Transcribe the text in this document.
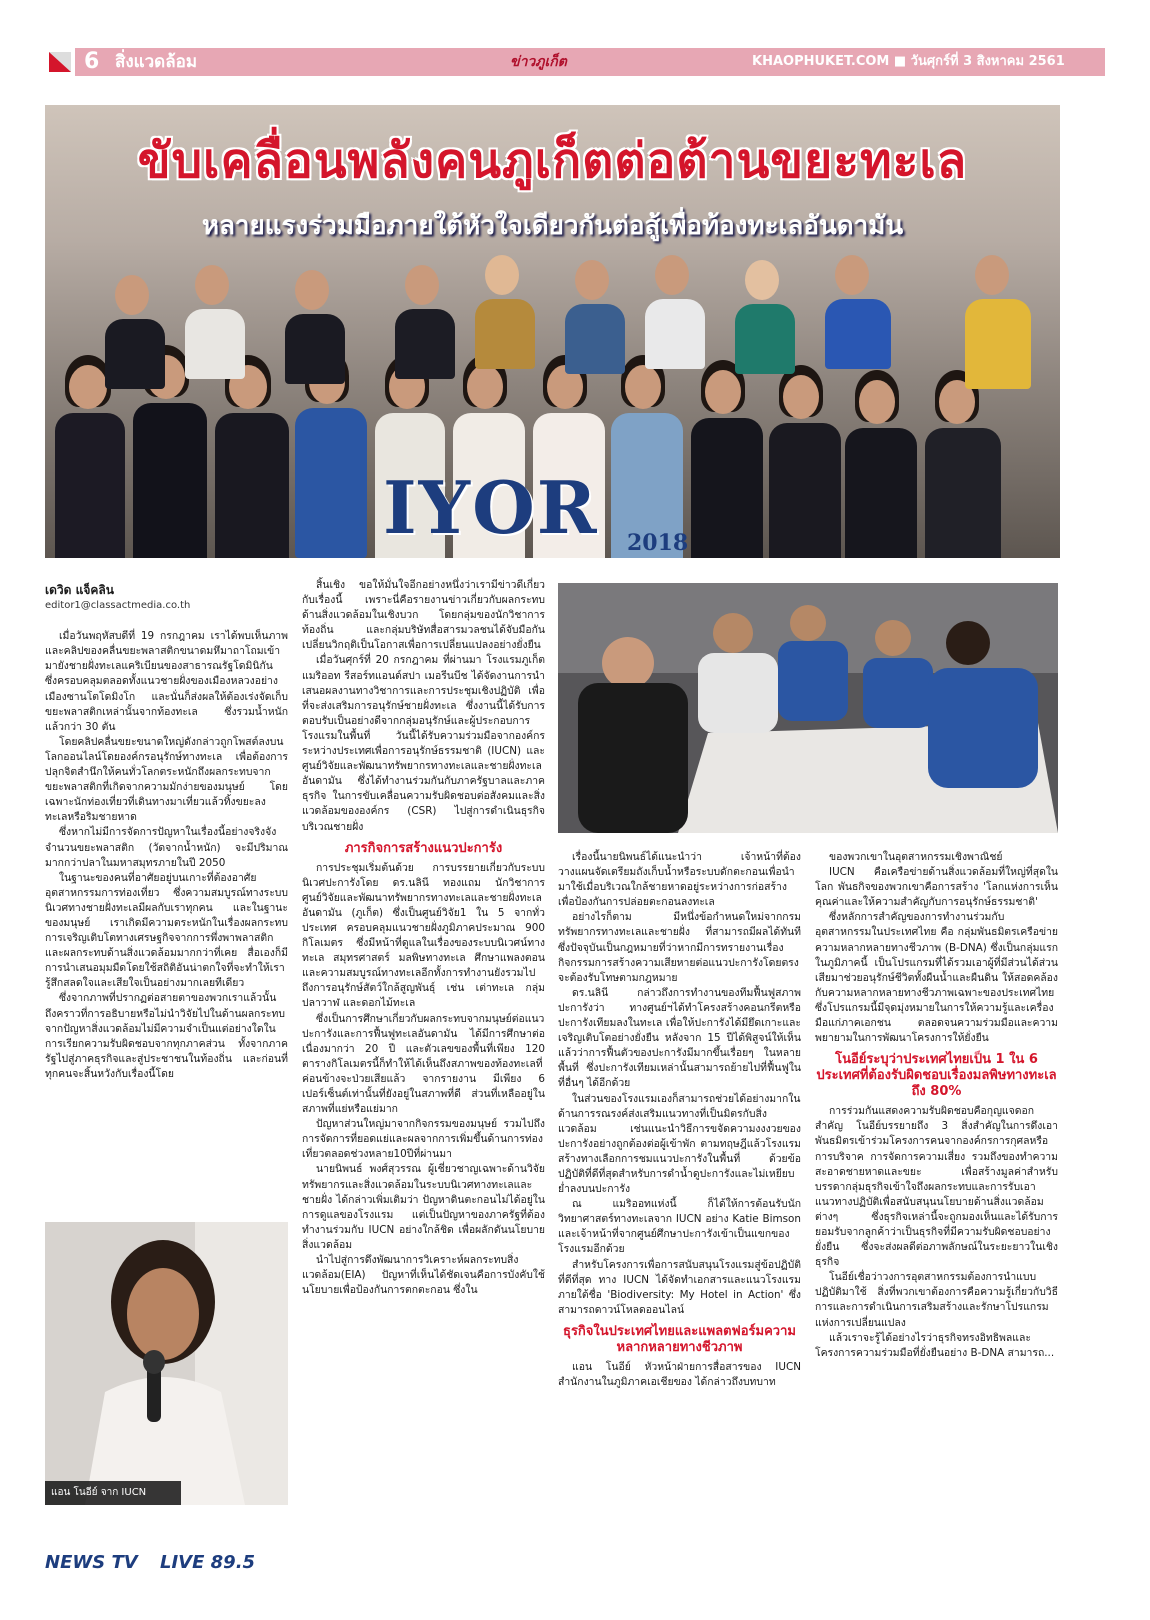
6 สิ่งแวดล้อม	ข่าวภูเก็ต	KHAOPHUKET.COM ■ วันศุกร์ที่ 3 สิงหาคม 2561
ขับเคลื่อนพลังคนภูเก็ตต่อต้านขยะทะเล
หลายแรงร่วมมือภายใต้หัวใจเดียวกันต่อสู้เพื่อท้องทะเลอันดามัน
IYOR 2018
เดวิด แจ็คลิน
editor1@classactmedia.co.th

เมื่อวันพฤหัสบดีที่ 19 กรกฎาคม เราได้พบเห็นภาพและคลิปของคลื่นขยะพลาสติกขนาดมหึมาถาโถมเข้ามายังชายฝั่งทะเลแคริเบียนของสาธารณรัฐโดมินิกัน ซึ่งครอบคลุมตลอดทั้งแนวชายฝั่งของเมืองหลวงอย่างเมืองซานโตโดมิงโก และนั่นก็ส่งผลให้ต้องเร่งจัดเก็บขยะพลาสติกเหล่านั้นจากท้องทะเล ซึ่งรวมน้ำหนักแล้วกว่า 30 ตัน

โดยคลิปคลื่นขยะขนาดใหญ่ดังกล่าวถูกโพสต์ลงบนโลกออนไลน์โดยองค์กรอนุรักษ์ทางทะเล เพื่อต้องการปลุกจิตสำนึกให้คนทั่วโลกตระหนักถึงผลกระทบจากขยะพลาสติกที่เกิดจากความมักง่ายของมนุษย์ โดยเฉพาะนักท่องเที่ยวที่เดินทางมาเที่ยวแล้วทิ้งขยะลงทะเลหรือริมชายหาด

ซึ่งหากไม่มีการจัดการปัญหาในเรื่องนี้อย่างจริงจัง จำนวนขยะพลาสติก (วัดจากน้ำหนัก) จะมีปริมาณมากกว่าปลาในมหาสมุทรภายในปี 2050

ในฐานะของคนที่อาศัยอยู่บนเกาะที่ต้องอาศัยอุตสาหกรรมการท่องเที่ยว ซึ่งความสมบูรณ์ทางระบบนิเวศทางชายฝั่งทะเลมีผลกับเราทุกคน และในฐานะของมนุษย์ เราเกิดมีความตระหนักในเรื่องผลกระทบการเจริญเติบโตทางเศรษฐกิจจากการพึ่งพาพลาสติกและผลกระทบด้านสิ่งแวดล้อมมากกว่าที่เคย สื่อเองก็มีการนำเสนอมุมมืดโดยใช้สถิติอันน่าตกใจที่จะทำให้เรารู้สึกสลดใจและเสียใจเป็นอย่างมากเลยทีเดียว

ซึ่งจากภาพที่ปรากฏต่อสายตาของพวกเราแล้วนั้น ถึงคราวที่การอธิบายหรือไม่นำวิจัยไปในด้านผลกระทบจากปัญหาสิ่งแวดล้อมไม่มีความจำเป็นแต่อย่างใดในการเรียกความรับผิดชอบจากทุกภาคส่วน ทั้งจากภาครัฐไปสู่ภาคธุรกิจและสู่ประชาชนในท้องถิ่น และก่อนที่ทุกคนจะสิ้นหวังกับเรื่องนี้โดย

แอน โนอีย์ จาก IUCN

สิ้นเชิง ขอให้มั่นใจอีกอย่างหนึ่งว่าเรามีข่าวดีเกี่ยวกับเรื่องนี้ เพราะนี่คือรายงานข่าวเกี่ยวกับผลกระทบด้านสิ่งแวดล้อมในเชิงบวก โดยกลุ่มของนักวิชาการท้องถิ่น และกลุ่มบริษัทสื่อสารมวลชนได้จับมือกันเปลี่ยนวิกฤติเป็นโอกาสเพื่อการเปลี่ยนแปลงอย่างยั่งยืน

เมื่อวันศุกร์ที่ 20 กรกฎาคม ที่ผ่านมา โรงแรมภูเก็ต แมริออท รีสอร์ทแอนด์สปา เมอรีนบีช ได้จัดงานการนำเสนอผลงานทางวิชาการและการประชุมเชิงปฏิบัติ เพื่อที่จะส่งเสริมการอนุรักษ์ชายฝั่งทะเล ซึ่งงานนี้ได้รับการตอบรับเป็นอย่างดีจากกลุ่มอนุรักษ์และผู้ประกอบการโรงแรมในพื้นที่ วันนี้ได้รับความร่วมมือจากองค์กรระหว่างประเทศเพื่อการอนุรักษ์ธรรมชาติ (IUCN) และศูนย์วิจัยและพัฒนาทรัพยากรทางทะเลและชายฝั่งทะเลอันดามัน ซึ่งได้ทำงานร่วมกันกับภาครัฐบาลและภาคธุรกิจ ในการขับเคลื่อนความรับผิดชอบต่อสังคมและสิ่งแวดล้อมขององค์กร (CSR) ไปสู่การดำเนินธุรกิจบริเวณชายฝั่ง

ภารกิจการสร้างแนวปะการัง

การประชุมเริ่มต้นด้วย การบรรยายเกี่ยวกับระบบนิเวศปะการังโดย ดร.นลินี ทองแถม นักวิชาการศูนย์วิจัยและพัฒนาทรัพยากรทางทะเลและชายฝั่งทะเลอันดามัน (ภูเก็ต) ซึ่งเป็นศูนย์วิจัย1 ใน 5 จากทั่วประเทศ ครอบคลุมแนวชายฝั่งภูมิภาคประมาณ 900 กิโลเมตร ซึ่งมีหน้าที่ดูแลในเรื่องของระบบนิเวศน์ทางทะเล สมุทรศาสตร์ มลพิษทางทะเล ศึกษาแพลงตอน และความสมบูรณ์ทางทะเลอีกทั้งการทำงานยังรวมไปถึงการอนุรักษ์สัตว์ใกล้สูญพันธุ์ เช่น เต่าทะเล กลุ่มปลาวาฬ และดอกไม้ทะเล

ซึ่งเป็นการศึกษาเกี่ยวกับผลกระทบจากมนุษย์ต่อแนวปะการังและการฟื้นฟูทะเลอันดามัน ได้มีการศึกษาต่อเนื่องมากว่า 20 ปี และตัวเลขของพื้นที่เพียง 120 ตารางกิโลเมตรนี้ก็ทำให้ได้เห็นถึงสภาพของท้องทะเลที่ค่อนข้างจะป่วยเสียแล้ว จากรายงาน มีเพียง 6 เปอร์เซ็นต์เท่านั้นที่ยังอยู่ในสภาพที่ดี ส่วนที่เหลืออยู่ในสภาพที่แย่หรือแย่มาก

ปัญหาส่วนใหญ่มาจากกิจกรรมของมนุษย์ รวมไปถึงการจัดการที่ยอดแย่และผลจากการเพิ่มขึ้นด้านการท่องเที่ยวตลอดช่วงหลาย10ปีที่ผ่านมา

นายนิพนธ์ พงศ์สุวรรณ ผู้เชี่ยวชาญเฉพาะด้านวิจัยทรัพยากรและสิ่งแวดล้อมในระบบนิเวศทางทะเลและชายฝั่ง ได้กล่าวเพิ่มเติมว่า ปัญหาดินตะกอนไม่ได้อยู่ในการดูแลของโรงแรม แต่เป็นปัญหาของภาครัฐที่ต้องทำงานร่วมกับ IUCN อย่างใกล้ชิด เพื่อผลักดันนโยบายสิ่งแวดล้อม

นำไปสู่การดึงพัฒนาการวิเคราะห์ผลกระทบสิ่งแวดล้อม(EIA) ปัญหาที่เห็นได้ชัดเจนคือการบังคับใช้นโยบายเพื่อป้องกันการตกตะกอน ซึ่งใน

เรื่องนี้นายนิพนธ์ได้แนะนำว่า เจ้าหน้าที่ต้องวางแผนจัดเตรียมถังเก็บน้ำหรือระบบดักตะกอนเพื่อนำมาใช้เมื่อบริเวณใกล้ชายหาดอยู่ระหว่างการก่อสร้าง เพื่อป้องกันการปล่อยตะกอนลงทะเล

อย่างไรก็ตาม มีหนึ่งข้อกำหนดใหม่จากกรมทรัพยากรทางทะเลและชายฝั่ง ที่สามารถมีผลได้ทันที ซึ่งปัจจุบันเป็นกฎหมายที่ว่าหากมีการทรายงานเรื่องกิจกรรมการสร้างความเสียหายต่อแนวปะการังโดยตรง จะต้องรับโทษตามกฎหมาย

ดร.นลินี กล่าวถึงการทำงานของทีมฟื้นฟูสภาพปะการังว่า ทางศูนย์ฯได้ทำโครงสร้างคอนกรีตหรือปะการังเทียมลงในทะเล เพื่อให้ปะการังได้มียึดเกาะและเจริญเติบโตอย่างยั่งยืน หลังจาก 15 ปีได้พิสูจน์ให้เห็นแล้วว่าการฟื้นตัวของปะการังมีมากขึ้นเรื่อยๆ ในหลายพื้นที่ ซึ่งปะการังเทียมเหล่านั้นสามารถย้ายไปที่ฟื้นฟูในที่อื่นๆ ได้อีกด้วย

ในส่วนของโรงแรมเองก็สามารถช่วยได้อย่างมากในด้านการรณรงค์ส่งเสริมแนวทางที่เป็นมิตรกับสิ่งแวดล้อม เช่นแนะนำวิธีการขจัดความงงงวยของปะการังอย่างถูกต้องต่อผู้เข้าพัก ตามทฤษฎีแล้วโรงแรมสร้างทางเลือกการชมแนวปะการังในพื้นที่ ด้วยข้อปฏิบัติที่ดีที่สุดสำหรับการดำน้ำดูปะการังและไม่เหยียบย่ำลงบนปะการัง

ณ แมริออทแห่งนี้ ก็ได้ให้การต้อนรับนักวิทยาศาสตร์ทางทะเลจาก IUCN อย่าง Katie Bimson และเจ้าหน้าที่จากศูนย์ศึกษาปะการังเข้าเป็นแขกของโรงแรมอีกด้วย

สำหรับโครงการเพื่อการสนับสนุนโรงแรมสู่ข้อปฏิบัติที่ดีที่สุด ทาง IUCN ได้จัดทำเอกสารและแนวโรงแรม ภายใต้ชื่อ 'Biodiversity: My Hotel in Action' ซึ่งสามารถดาวน์โหลดออนไลน์

ธุรกิจในประเทศไทยและแพลตฟอร์มความหลากหลายทางชีวภาพ

แอน โนอีย์ หัวหน้าฝ่ายการสื่อสารของ IUCN สำนักงานในภูมิภาคเอเชียของ ได้กล่าวถึงบทบาท

ของพวกเขาในอุตสาหกรรมเชิงพาณิชย์

IUCN คือเครือข่ายด้านสิ่งแวดล้อมที่ใหญ่ที่สุดในโลก พันธกิจของพวกเขาคือการสร้าง 'โลกแห่งการเห็นคุณค่าและให้ความสำคัญกับการอนุรักษ์ธรรมชาติ'

ซึ่งหลักการสำคัญของการทำงานร่วมกับอุตสาหกรรมในประเทศไทย คือ กลุ่มพันธมิตรเครือข่ายความหลากหลายทางชีวภาพ (B-DNA) ซึ่งเป็นกลุ่มแรกในภูมิภาคนี้ เป็นโปรแกรมที่ได้รวมเอาผู้ที่มีส่วนได้ส่วนเสียมาช่วยอนุรักษ์ชีวิตทั้งผืนน้ำและผืนดิน ให้สอดคล้องกับความหลากหลายทางชีวภาพเฉพาะของประเทศไทย ซึ่งโปรแกรมนี้มีจุดมุ่งหมายในการให้ความรู้และเครื่องมือแก่ภาคเอกชน ตลอดจนความร่วมมือและความพยายามในการพัฒนาโครงการให้ยั่งยืน

โนอีย์ระบุว่าประเทศไทยเป็น 1 ใน 6 ประเทศที่ต้องรับผิดชอบเรื่องมลพิษทางทะเลถึง 80%

การร่วมกันแสดงความรับผิดชอบคือกุญแจดอกสำคัญ โนอีย์บรรยายถึง 3 สิ่งสำคัญในการดึงเอาพันธมิตรเข้าร่วมโครงการคนจากองค์กรการกุศลหรือการบริจาค การจัดการความเสี่ยง รวมถึงของทำความสะอาดชายหาดและขยะ เพื่อสร้างมูลค่าสำหรับบรรดากลุ่มธุรกิจเข้าใจถึงผลกระทบและการรับเอาแนวทางปฏิบัติเพื่อสนับสนุนนโยบายด้านสิ่งแวดล้อมต่างๆ ซึ่งธุรกิจเหล่านี้จะถูกมองเห็นและได้รับการยอมรับจากลูกค้าว่าเป็นธุรกิจที่มีความรับผิดชอบอย่างยั่งยืน ซึ่งจะส่งผลดีต่อภาพลักษณ์ในระยะยาวในเชิงธุรกิจ

โนอีย์เชื่อว่าวงการอุตสาหกรรมต้องการนำแบบปฏิบัติมาใช้ สิ่งที่พวกเขาต้องการคือความรู้เกี่ยวกับวิธีการและการดำเนินการเสริมสร้างและรักษาโปรแกรมแห่งการเปลี่ยนแปลง

แล้วเราจะรู้ได้อย่างไรว่าธุรกิจทรงอิทธิพลและโครงการความร่วมมือที่ยั่งยืนอย่าง B-DNA สามารถ...

NEWS TV LIVE 89.5
